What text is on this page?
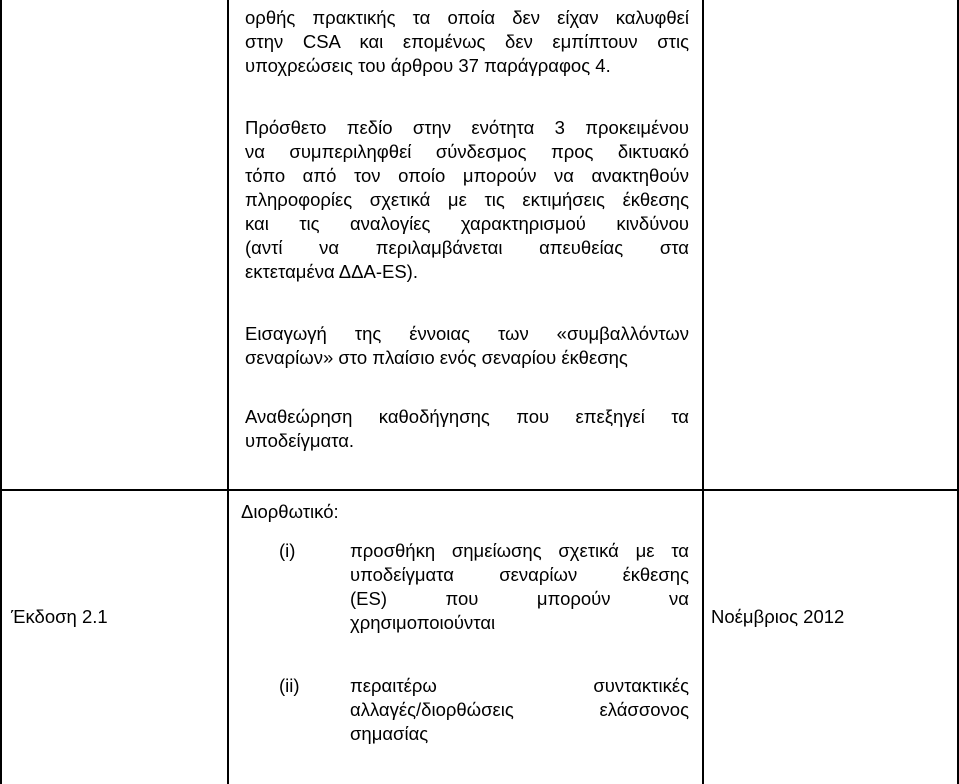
ορθής πρακτικής τα οποία δεν είχαν καλυφθεί
στην CSA και επομένως δεν εμπίπτουν στις
υποχρεώσεις του άρθρου 37 παράγραφος 4.
Πρόσθετο πεδίο στην ενότητα 3 προκειμένου
να συμπεριληφθεί σύνδεσμος προς δικτυακό
τόπο από τον οποίο μπορούν να ανακτηθούν
πληροφορίες σχετικά με τις εκτιμήσεις έκθεσης
και τις αναλογίες χαρακτηρισμού κινδύνου
(αντί να περιλαμβάνεται απευθείας στα
εκτεταμένα ΔΔΑ-ES).
Εισαγωγή της έννοιας των «συμβαλλόντων
σεναρίων» στο πλαίσιο ενός σεναρίου έκθεσης
Αναθεώρηση καθοδήγησης που επεξηγεί τα
υποδείγματα.
Έκδοση 2.1
Διορθωτικό:
(i)	προσθήκη σημείωσης σχετικά με τα
υποδείγματα σεναρίων έκθεσης
(ES) που μπορούν να
χρησιμοποιούνται
(ii)	περαιτέρω συντακτικές
αλλαγές/διορθώσεις ελάσσονος
σημασίας
Νοέμβριος 2012
